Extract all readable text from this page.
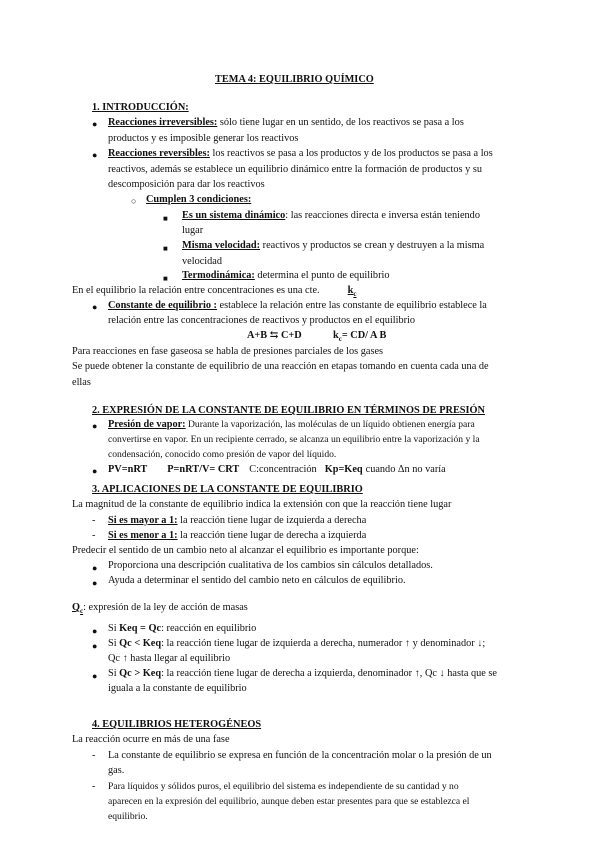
TEMA 4: EQUILIBRIO QUÍMICO
1. INTRODUCCIÓN:
● Reacciones irreversibles: sólo tiene lugar en un sentido, de los reactivos se pasa a los
productos y es imposible generar los reactivos
● Reacciones reversibles: los reactivos se pasa a los productos y de los productos se pasa a los
reactivos, además se establece un equilibrio dinámico entre la formación de productos y su
descomposición para dar los reactivos
○ Cumplen 3 condiciones:
■ Es un sistema dinámico: las reacciones directa e inversa están teniendo
lugar
■ Misma velocidad: reactivos y productos se crean y destruyen a la misma
velocidad
■ Termodinámica: determina el punto de equilibrio
En el equilibrio la relación entre concentraciones es una cte.	$k_c$
● Constante de equilibrio : establece la relación entre las constante de equilibrio establece la
relación entre las concentraciones de reactivos y productos en el equilibrio
A+B ⇆ C+D	$k_c= CD/$ A B
Para reacciones en fase gaseosa se habla de presiones parciales de los gases
Se puede obtener la constante de equilibrio de una reacción en etapas tomando en cuenta cada una de
ellas
2. EXPRESIÓN DE LA CONSTANTE DE EQUILIBRIO EN TÉRMINOS DE PRESIÓN
● Presión de vapor: Durante la vaporización, las moléculas de un líquido obtienen energía para
convertirse en vapor. En un recipiente cerrado, se alcanza un equilibrio entre la vaporización y la
condensación, conocido como presión de vapor del líquido.
● PV=nRT P=nRT/V= CRT C:concentración Kp=Keq cuando Δn no varía
3. APLICACIONES DE LA CONSTANTE DE EQUILIBRIO
La magnitud de la constante de equilibrio indica la extensión con que la reacción tiene lugar
- Si es mayor a 1: la reacción tiene lugar de izquierda a derecha
- Si es menor a 1: la reacción tiene lugar de derecha a izquierda
Predecir el sentido de un cambio neto al alcanzar el equilibrio es importante porque:
● Proporciona una descripción cualitativa de los cambios sin cálculos detallados.
● Ayuda a determinar el sentido del cambio neto en cálculos de equilibrio.
$Q_c$: expresión de la ley de acción de masas
● Si Keq = Qc: reacción en equilibrio
● Si Qc < Keq: la reacción tiene lugar de izquierda a derecha, numerador ↑ y denominador ↓;
Qc ↑ hasta llegar al equilibrio
● Si Qc > Keq: la reacción tiene lugar de derecha a izquierda, denominador ↑, Qc ↓ hasta que se
iguala a la constante de equilibrio
4. EQUILIBRIOS HETEROGÉNEOS
La reacción ocurre en más de una fase
- La constante de equilibrio se expresa en función de la concentración molar o la presión de un
gas.
- Para líquidos y sólidos puros, el equilibrio del sistema es independiente de su cantidad y no
aparecen en la expresión del equilibrio, aunque deben estar presentes para que se establezca el
equilibrio.
